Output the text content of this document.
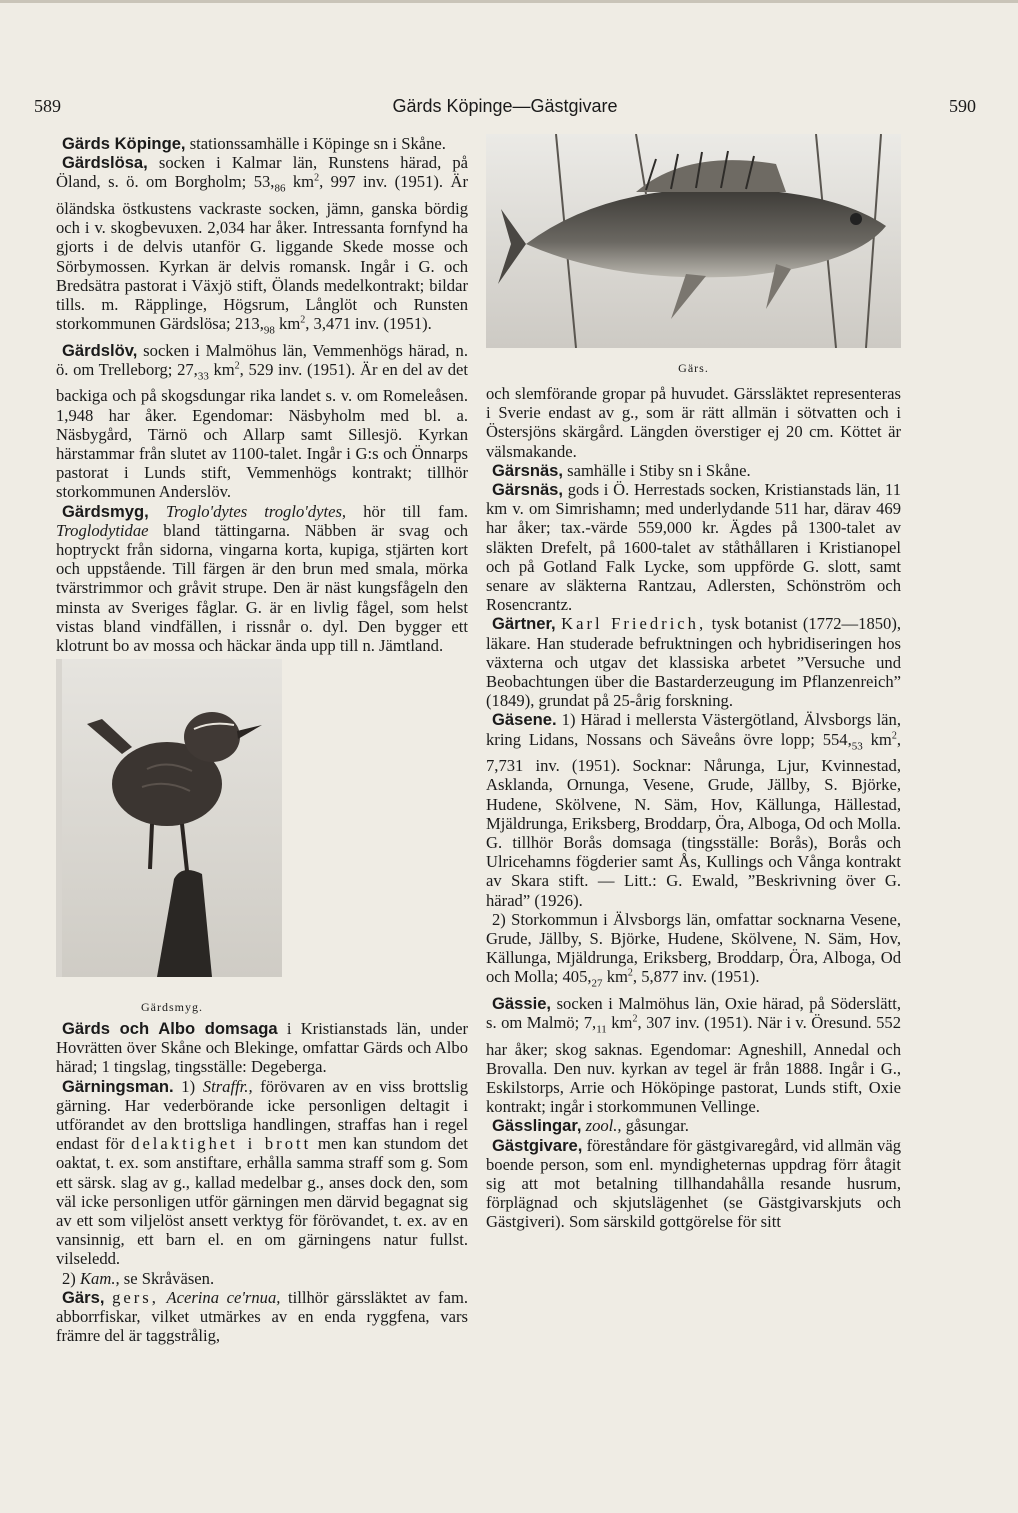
589	Gärds Köpinge—Gästgivare	590

Gärds Köpinge, stationssamhälle i Köpinge sn i Skåne.

Gärdslösa, socken i Kalmar län, Runstens härad, på Öland, s. ö. om Borgholm; $53,_{86}$ $km^2$, 997 inv. (1951). Är öländska östkustens vackraste socken, jämn, ganska bördig och i v. skogbevuxen. 2,034 har åker. Intressanta fornfynd ha gjorts i de delvis utanför G. liggande Skede mosse och Sörbymossen. Kyrkan är delvis romansk. Ingår i G. och Bredsätra pastorat i Växjö stift, Ölands medelkontrakt; bildar tills. m. Räpplinge, Högsrum, Långlöt och Runsten storkommunen Gärdslösa; $213,_{98}$ $km^2$, 3,471 inv. (1951).

Gärdslöv, socken i Malmöhus län, Vemmenhögs härad, n. ö. om Trelleborg; $27,_{33}$ $km^2$, 529 inv. (1951). Är en del av det backiga och på skogsdungar rika landet s. v. om Romeleåsen. 1,948 har åker. Egendomar: Näsbyholm med bl. a. Näsbygård, Tärnö och Allarp samt Sillesjö. Kyrkan härstammar från slutet av 1100-talet. Ingår i G:s och Önnarps pastorat i Lunds stift, Vemmenhögs kontrakt; tillhör storkommunen Anderslöv.

Gärdsmyg, Troglo'dytes troglo'dytes, hör till fam. Troglodytidae bland tättingarna. Näbben är svag och hoptryckt från sidorna, vingarna korta, kupiga, stjärten kort och uppstående. Till färgen är den brun med smala, mörka tvärstrimmor och gråvit strupe. Den är näst kungsfågeln den minsta av Sveriges fåglar. G. är en livlig fågel, som helst vistas bland vindfällen, i rissnår o. dyl. Den bygger ett klotrunt bo av mossa och häckar ända upp till n. Jämtland.
Gärdsmyg.

Gärs.

och slemförande gropar på huvudet. Gärssläktet representeras i Sverie endast av g., som är rätt allmän i sötvatten och i Östersjöns skärgård. Längden överstiger ej 20 cm. Köttet är välsmakande.

Gärsnäs, samhälle i Stiby sn i Skåne.

Gärsnäs, gods i Ö. Herrestads socken, Kristianstads län, 11 km v. om Simrishamn; med underlydande 511 har, därav 469 har åker; tax.-värde 559,000 kr. Ägdes på 1300-talet av släkten Drefelt, på 1600-talet av ståthållaren i Kristianopel och på Gotland Falk Lycke, som uppförde G. slott, samt senare av släkterna Rantzau, Adlersten, Schönström och Rosencrantz.

Gärtner, Karl Friedrich, tysk botanist (1772—1850), läkare. Han studerade befruktningen och hybridiseringen hos växterna och utgav det klassiska arbetet ”Versuche und Beobachtungen über die Bastarderzeugung im Pflanzenreich” (1849), grundat på 25-årig forskning.

Gäsene. 1) Härad i mellersta Västergötland, Älvsborgs län, kring Lidans, Nossans och Säveåns övre lopp; $554,_{53}$ $km^2$, 7,731 inv. (1951). Socknar: Nårunga, Ljur, Kvinnestad, Asklanda, Ornunga, Vesene, Grude, Jällby, S. Björke, Hudene, Skölvene, N. Säm, Hov, Källunga, Hällestad, Mjäldrunga, Eriksberg, Broddarp, Öra, Alboga, Od och Molla. G. tillhör Borås domsaga (tingsställe: Borås), Borås och Ulricehamns fögderier samt Ås, Kullings och Vånga kontrakt av Skara stift. — Litt.: G. Ewald, ”Beskrivning över G. härad” (1926).

2) Storkommun i Älvsborgs län, omfattar socknarna Vesene, Grude, Jällby, S. Björke, Hudene, Skölvene, N. Säm, Hov, Källunga, Mjäldrunga, Eriksberg, Broddarp, Öra, Alboga, Od och Molla; $405,_{27}$ $km^2$, 5,877 inv. (1951).

Gässie, socken i Malmöhus län, Oxie härad, på Söderslätt, s. om Malmö; $7,_{11}$ $km^2$, 307 inv. (1951). När i v. Öresund. 552 har åker; skog saknas. Egendomar: Agneshill, Annedal och Brovalla. Den nuv. kyrkan av tegel är från 1888. Ingår i G., Eskilstorps, Arrie och Hököpinge pastorat, Lunds stift, Oxie kontrakt; ingår i storkommunen Vellinge.

Gässlingar, zool., gåsungar.

Gästgivare, föreståndare för gästgivaregård, vid allmän väg boende person, som enl. myndigheternas uppdrag förr åtagit sig att mot betalning tillhandahålla resande husrum, förplägnad och skjutslägenhet (se Gästgivarskjuts och Gästgiveri). Som särskild gottgörelse för sitt

Gärds och Albo domsaga i Kristianstads län, under Hovrätten över Skåne och Blekinge, omfattar Gärds och Albo härad; 1 tingslag, tingsställe: Degeberga.

Gärningsman. 1) Straffr., förövaren av en viss brottslig gärning. Har vederbörande icke personligen deltagit i utförandet av den brottsliga handlingen, straffas han i regel endast för delaktighet i brott men kan stundom det oaktat, t. ex. som anstiftare, erhålla samma straff som g. Som ett särsk. slag av g., kallad medelbar g., anses dock den, som väl icke personligen utför gärningen men därvid begagnat sig av ett som viljelöst ansett verktyg för förövandet, t. ex. av en vansinnig, ett barn el. en om gärningens natur fullst. vilseledd.

2) Kam., se Skråväsen.

Gärs, gers, Acerina ce'rnua, tillhör gärssläktet av fam. abborrfiskar, vilket utmärkes av en enda ryggfena, vars främre del är taggstrålig,
